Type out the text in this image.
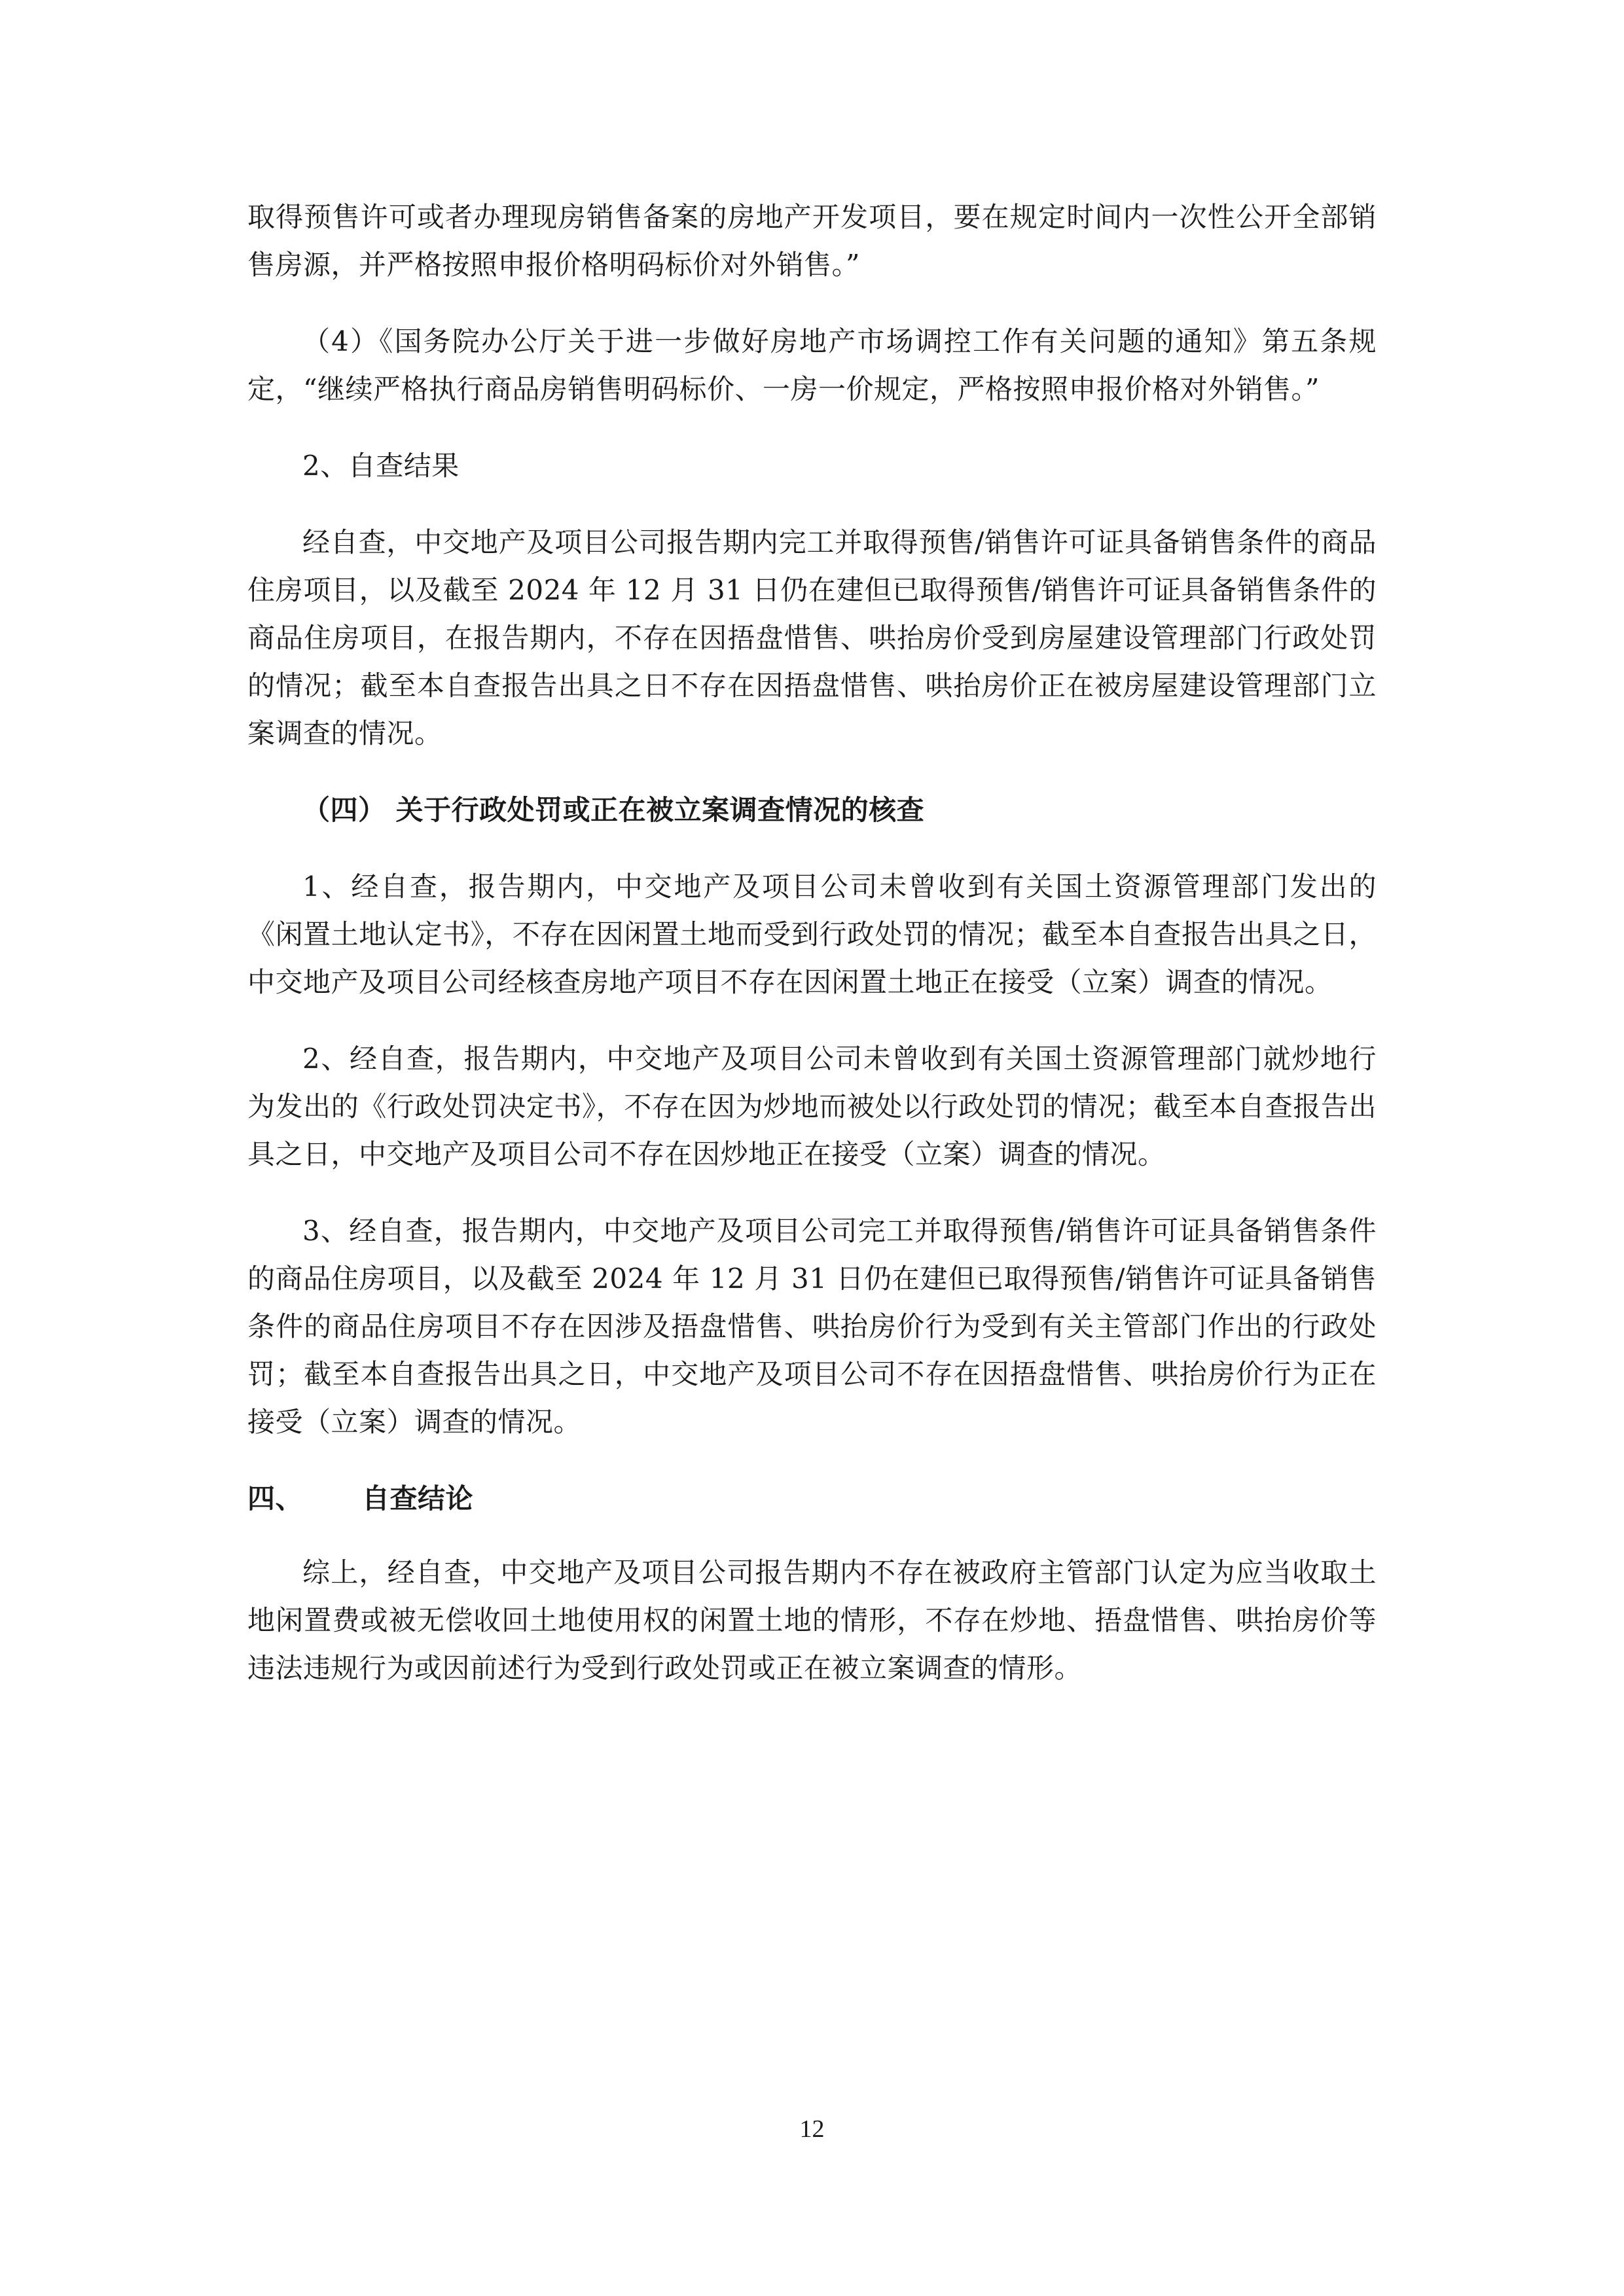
取得预售许可或者办理现房销售备案的房地产开发项目，要在规定时间内一次性公开全部销售房源，并严格按照申报价格明码标价对外销售。”

（4）《国务院办公厅关于进一步做好房地产市场调控工作有关问题的通知》第五条规定，“继续严格执行商品房销售明码标价、一房一价规定，严格按照申报价格对外销售。”

2、自查结果

经自查，中交地产及项目公司报告期内完工并取得预售/销售许可证具备销售条件的商品住房项目，以及截至 2024 年 12 月 31 日仍在建但已取得预售/销售许可证具备销售条件的商品住房项目，在报告期内，不存在因捂盘惜售、哄抬房价受到房屋建设管理部门行政处罚的情况；截至本自查报告出具之日不存在因捂盘惜售、哄抬房价正在被房屋建设管理部门立案调查的情况。

（四） 关于行政处罚或正在被立案调查情况的核查

1、经自查，报告期内，中交地产及项目公司未曾收到有关国土资源管理部门发出的《闲置土地认定书》，不存在因闲置土地而受到行政处罚的情况；截至本自查报告出具之日，中交地产及项目公司经核查房地产项目不存在因闲置土地正在接受（立案）调查的情况。

2、经自查，报告期内，中交地产及项目公司未曾收到有关国土资源管理部门就炒地行为发出的《行政处罚决定书》，不存在因为炒地而被处以行政处罚的情况；截至本自查报告出具之日，中交地产及项目公司不存在因炒地正在接受（立案）调查的情况。

3、经自查，报告期内，中交地产及项目公司完工并取得预售/销售许可证具备销售条件的商品住房项目，以及截至 2024 年 12 月 31 日仍在建但已取得预售/销售许可证具备销售条件的商品住房项目不存在因涉及捂盘惜售、哄抬房价行为受到有关主管部门作出的行政处罚；截至本自查报告出具之日，中交地产及项目公司不存在因捂盘惜售、哄抬房价行为正在接受（立案）调查的情况。

四、	自查结论

综上，经自查，中交地产及项目公司报告期内不存在被政府主管部门认定为应当收取土地闲置费或被无偿收回土地使用权的闲置土地的情形，不存在炒地、捂盘惜售、哄抬房价等违法违规行为或因前述行为受到行政处罚或正在被立案调查的情形。

12
